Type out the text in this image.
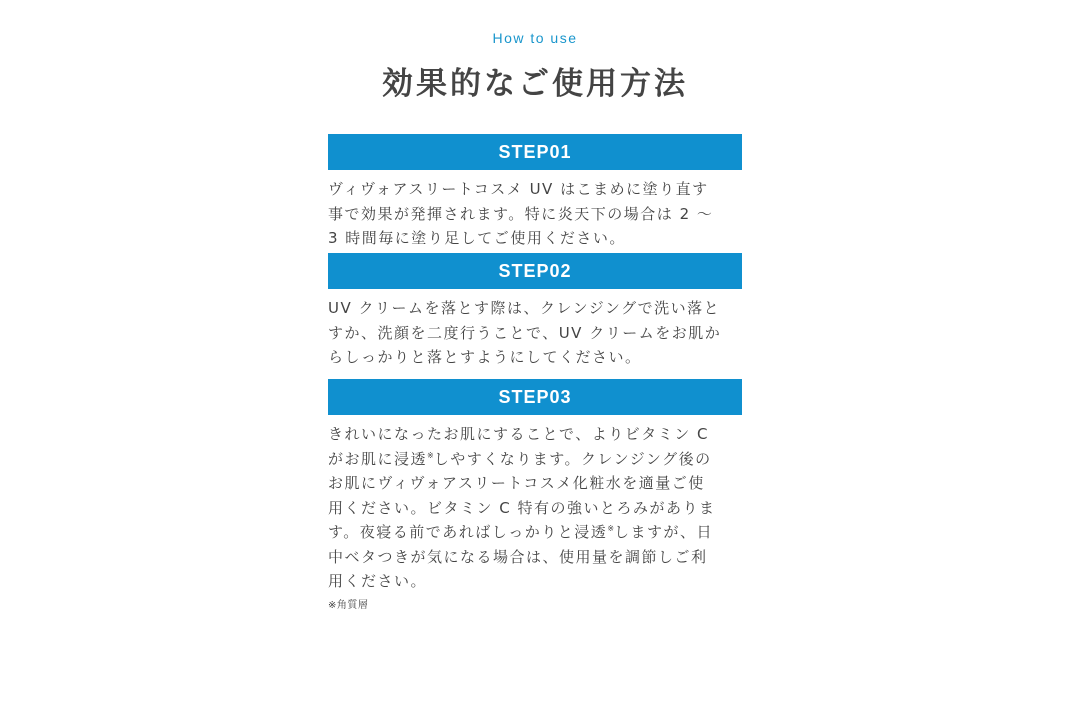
How to use
効果的なご使用方法
STEP01
ヴィヴォアスリートコスメ UV はこまめに塗り直す
事で効果が発揮されます。特に炎天下の場合は 2 〜
3 時間毎に塗り足してご使用ください。
STEP02
UV クリームを落とす際は、クレンジングで洗い落と
すか、洗顔を二度行うことで、UV クリームをお肌か
らしっかりと落とすようにしてください。
STEP03
きれいになったお肌にすることで、よりビタミン C
がお肌に浸透※しやすくなります。クレンジング後の
お肌にヴィヴォアスリートコスメ化粧水を適量ご使
用ください。ビタミン C 特有の強いとろみがありま
す。夜寝る前であればしっかりと浸透※しますが、日
中ベタつきが気になる場合は、使用量を調節しご利
用ください。
※角質層
